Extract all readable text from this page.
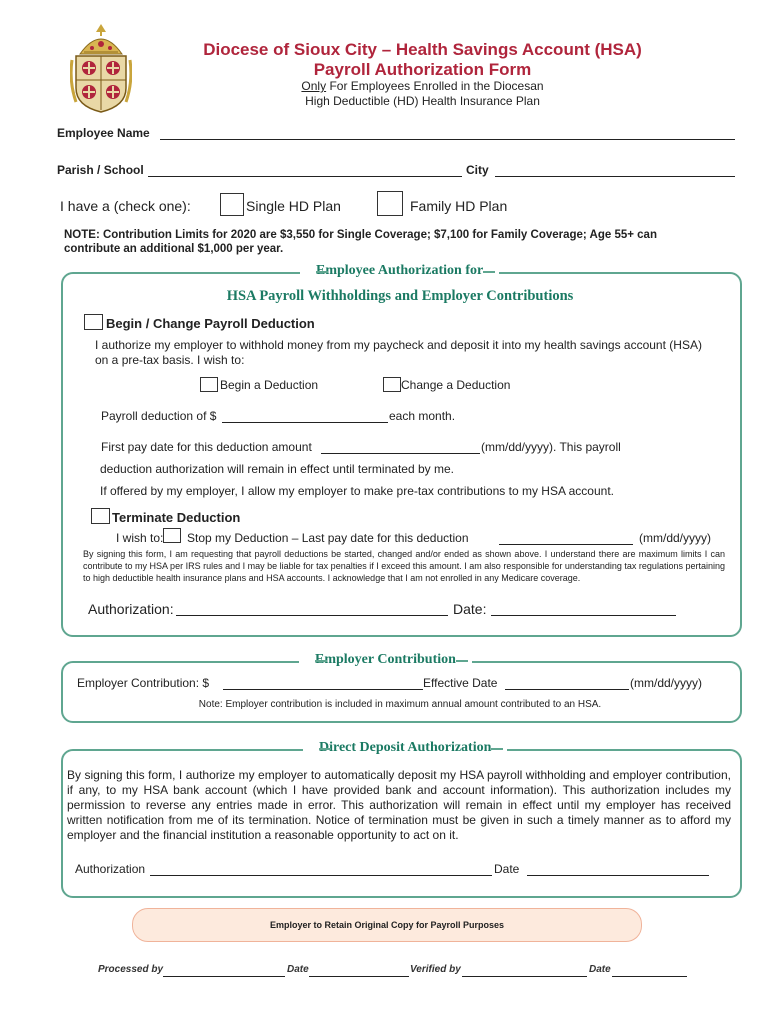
Diocese of Sioux City – Health Savings Account (HSA)
Payroll Authorization Form
Only For Employees Enrolled in the Diocesan
High Deductible (HD) Health Insurance Plan
Employee Name
Parish / School	City
I have a (check one):	Single HD Plan	Family HD Plan
NOTE: Contribution Limits for 2020 are $3,550 for Single Coverage; $7,100 for Family Coverage; Age 55+ can contribute an additional $1,000 per year.
Employee Authorization for
HSA Payroll Withholdings and Employer Contributions
Begin / Change Payroll Deduction
I authorize my employer to withhold money from my paycheck and deposit it into my health savings account (HSA) on a pre-tax basis. I wish to:
Begin a Deduction	Change a Deduction
Payroll deduction of $	each month.
First pay date for this deduction amount	(mm/dd/yyyy). This payroll
deduction authorization will remain in effect until terminated by me.
If offered by my employer, I allow my employer to make pre-tax contributions to my HSA account.
Terminate Deduction
I wish to: Stop my Deduction – Last pay date for this deduction	(mm/dd/yyyy)
By signing this form, I am requesting that payroll deductions be started, changed and/or ended as shown above. I understand there are maximum limits I can contribute to my HSA per IRS rules and I may be liable for tax penalties if I exceed this amount. I am also responsible for understanding tax regulations pertaining to high deductible health insurance plans and HSA accounts. I acknowledge that I am not enrolled in any Medicare coverage.
Authorization:	Date:
Employer Contribution
Employer Contribution: $	Effective Date	(mm/dd/yyyy)
Note: Employer contribution is included in maximum annual amount contributed to an HSA.
Direct Deposit Authorization
By signing this form, I authorize my employer to automatically deposit my HSA payroll withholding and employer contribution, if any, to my HSA bank account (which I have provided bank and account information). This authorization includes my permission to reverse any entries made in error. This authorization will remain in effect until my employer has received written notification from me of its termination. Notice of termination must be given in such a timely manner as to afford my employer and the financial institution a reasonable opportunity to act on it.
Authorization	Date
Employer to Retain Original Copy for Payroll Purposes
Processed by	Date	Verified by	Date
